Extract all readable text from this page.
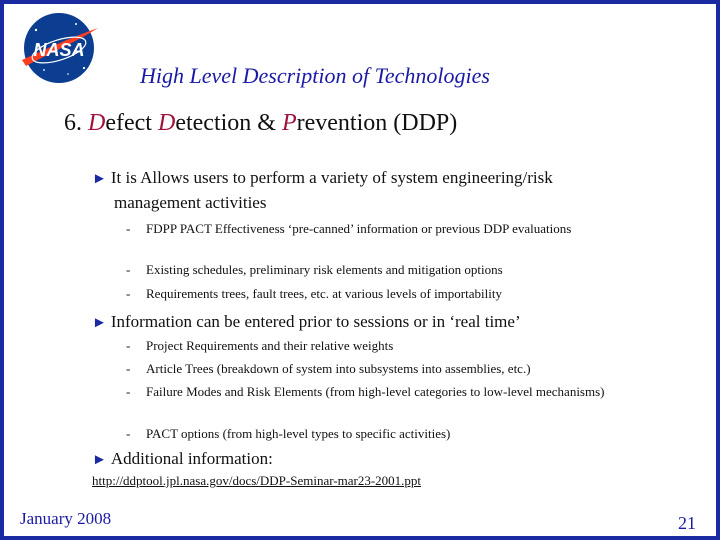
NASA
High Level Description of Technologies
6. Defect Detection & Prevention (DDP)
► It is Allows users to perform a variety of system engineering/risk
management activities
-	FDPP PACT Effectiveness ‘pre-canned’ information or previous DDP evaluations
-	Existing schedules, preliminary risk elements and mitigation options
-	Requirements trees, fault trees, etc. at various levels of importability
► Information can be entered prior to sessions or in ‘real time’
-	Project Requirements and their relative weights
-	Article Trees (breakdown of system into subsystems into assemblies, etc.)
-	Failure Modes and Risk Elements (from high-level categories to low-level mechanisms)
-	PACT options (from high-level types to specific activities)
► Additional information:
http://ddptool.jpl.nasa.gov/docs/DDP-Seminar-mar23-2001.ppt
January 2008	21
